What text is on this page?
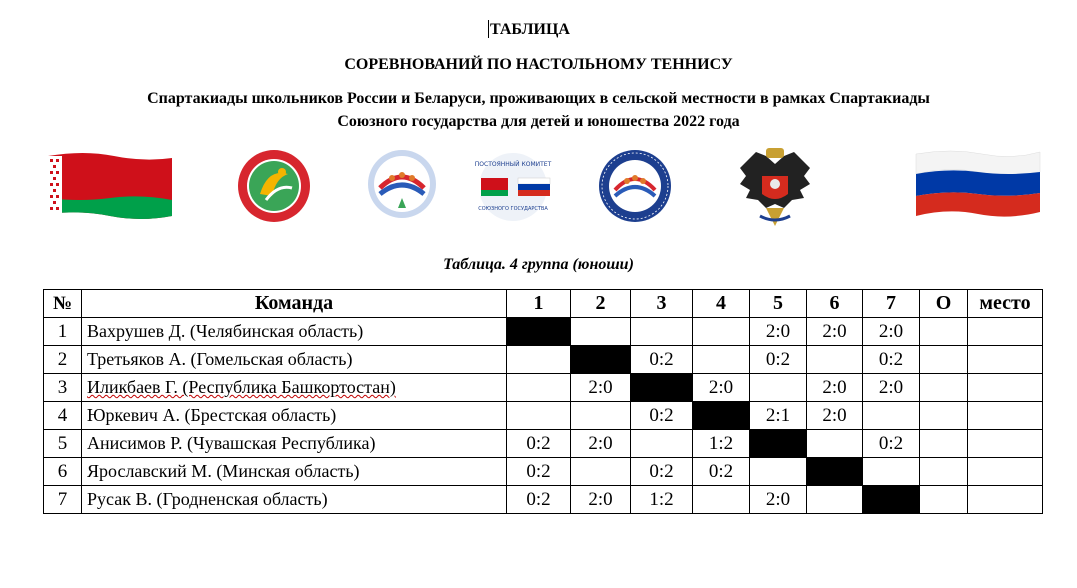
ТАБЛИЦА
СОРЕВНОВАНИЙ ПО НАСТОЛЬНОМУ ТЕННИСУ
Спартакиады школьников России и Беларуси, проживающих в сельской местности в рамках Спартакиады
Союзного государства для детей и юношества 2022 года
ПОСТОЯННЫЙ КОМИТЕТ
СОЮЗНОГО ГОСУДАРСТВА
Таблица. 4 группа (юноши)
№	Команда	1	2	3	4	5	6	7	О	место
1	Вахрушев Д. (Челябинская область)					2:0	2:0	2:0		
2	Третьяков А. (Гомельская область)			0:2		0:2		0:2		
3	Иликбаев Г. (Республика Башкортостан)		2:0		2:0		2:0	2:0		
4	Юркевич А. (Брестская область)			0:2		2:1	2:0			
5	Анисимов Р. (Чувашская Республика)	0:2	2:0		1:2			0:2		
6	Ярославский М. (Минская область)	0:2		0:2	0:2					
7	Русак В. (Гродненская область)	0:2	2:0	1:2		2:0				
